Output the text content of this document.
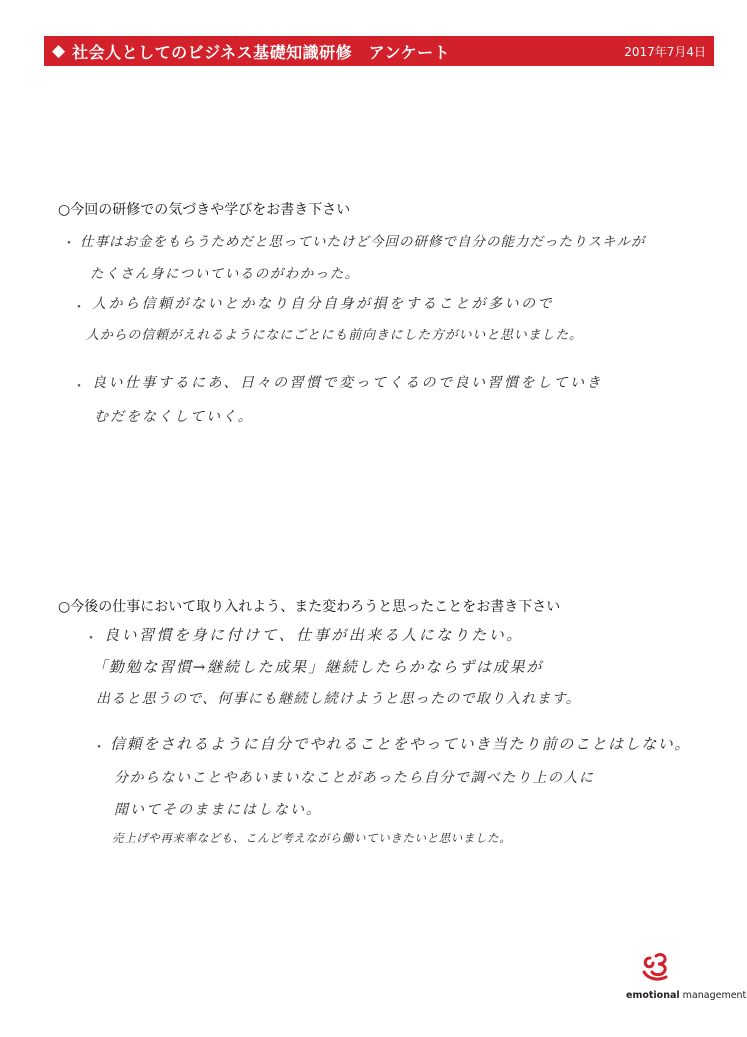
◆ 社会人としてのビジネス基礎知識研修　アンケート	2017年7月4日
○今回の研修での気づきや学びをお書き下さい
・ 仕事はお金をもらうためだと思っていたけど今回の研修で自分の能力だったりスキルが
たくさん身についているのがわかった。
・ 人から信頼がないとかなり自分自身が損をすることが多いので
人からの信頼がえれるようになにごとにも前向きにした方がいいと思いました。
・ 良い仕事するにあ、日々の習慣で変ってくるので良い習慣をしていき
むだをなくしていく。
○今後の仕事において取り入れよう、また変わろうと思ったことをお書き下さい
・ 良い習慣を身に付けて、仕事が出来る人になりたい。
「勤勉な習慣→継続した成果」継続したらかならずは成果が
出ると思うので、何事にも継続し続けようと思ったので取り入れます。
・ 信頼をされるように自分でやれることをやっていき当たり前のことはしない。
分からないことやあいまいなことがあったら自分で調べたり上の人に
聞いてそのままにはしない。
売上げや再来率なども、こんど考えながら働いていきたいと思いました。
emotional management
